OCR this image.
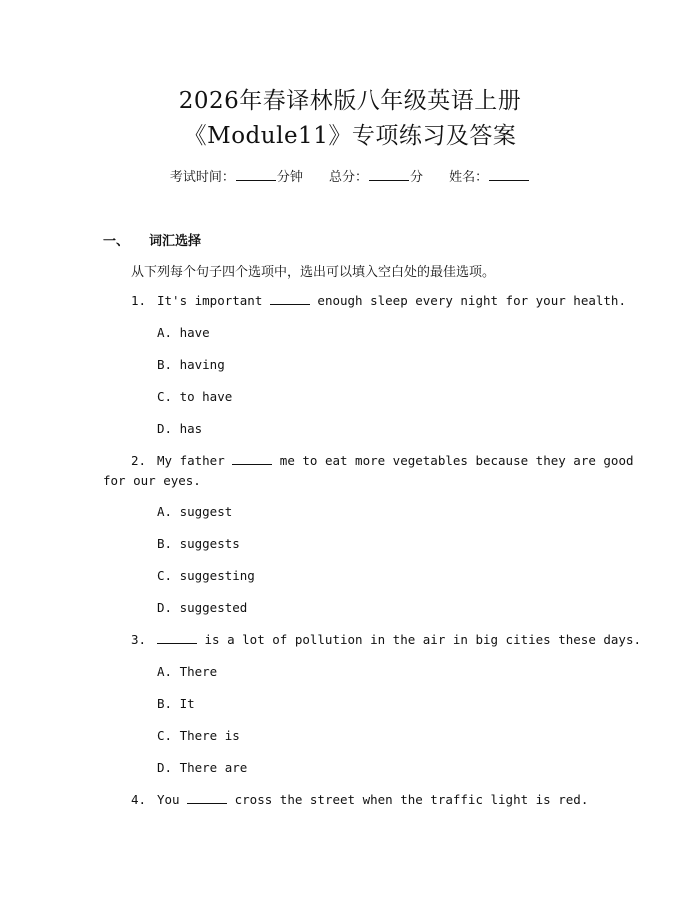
2026年春译林版八年级英语上册
《Module11》专项练习及答案
考试时间：	分钟 总分：	分 姓名：
一、 词汇选择
从下列每个句子四个选项中，选出可以填入空白处的最佳选项。
1. It's important	enough sleep every night for your health.
A. have
B. having
C. to have
D. has
2. My father	me to eat more vegetables because they are good
for our eyes.
A. suggest
B. suggests
C. suggesting
D. suggested
3.	is a lot of pollution in the air in big cities these days.
A. There
B. It
C. There is
D. There are
4. You	cross the street when the traffic light is red.
